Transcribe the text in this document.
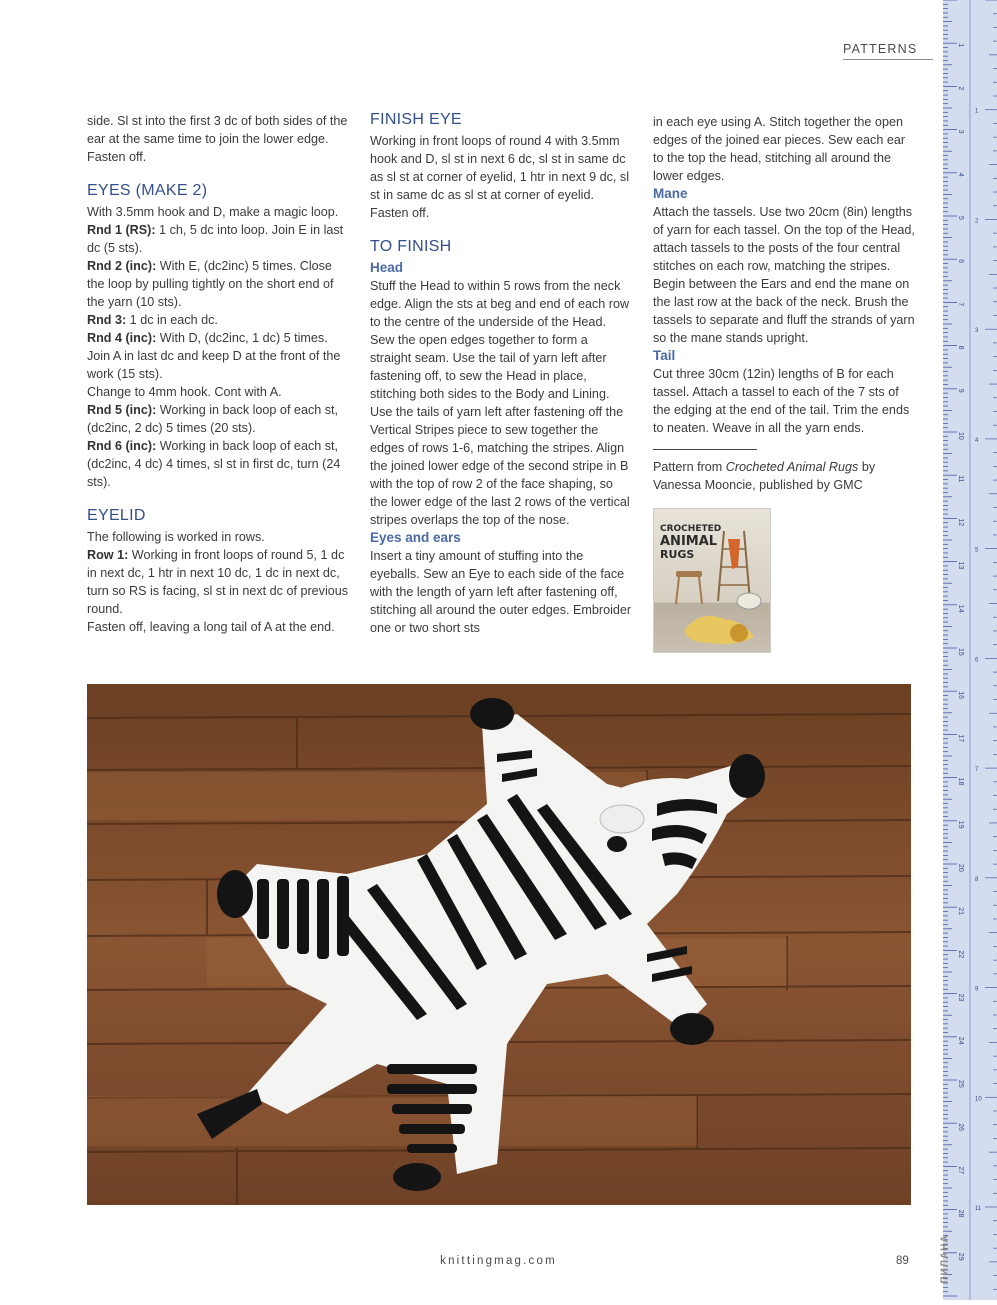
PATTERNS

side. Sl st into the first 3 dc of both sides of the ear at the same time to join the lower edge.

Fasten off.

EYES (MAKE 2)

With 3.5mm hook and D, make a magic loop.

Rnd 1 (RS): 1 ch, 5 dc into loop. Join E in last dc (5 sts).

Rnd 2 (inc): With E, (dc2inc) 5 times. Close the loop by pulling tightly on the short end of the yarn (10 sts).

Rnd 3: 1 dc in each dc.

Rnd 4 (inc): With D, (dc2inc, 1 dc) 5 times. Join A in last dc and keep D at the front of the work (15 sts).

Change to 4mm hook. Cont with A.

Rnd 5 (inc): Working in back loop of each st, (dc2inc, 2 dc) 5 times (20 sts).

Rnd 6 (inc): Working in back loop of each st, (dc2inc, 4 dc) 4 times, sl st in first dc, turn (24 sts).

EYELID

The following is worked in rows.

Row 1: Working in front loops of round 5, 1 dc in next dc, 1 htr in next 10 dc, 1 dc in next dc, turn so RS is facing, sl st in next dc of previous round.

Fasten off, leaving a long tail of A at the end.

FINISH EYE

Working in front loops of round 4 with 3.5mm hook and D, sl st in next 6 dc, sl st in same dc as sl st at corner of eyelid, 1 htr in next 9 dc, sl st in same dc as sl st at corner of eyelid.

Fasten off.

TO FINISH
Head

Stuff the Head to within 5 rows from the neck edge. Align the sts at beg and end of each row to the centre of the underside of the Head. Sew the open edges together to form a straight seam. Use the tail of yarn left after fastening off, to sew the Head in place, stitching both sides to the Body and Lining. Use the tails of yarn left after fastening off the Vertical Stripes piece to sew together the edges of rows 1-6, matching the stripes. Align the joined lower edge of the second stripe in B with the top of row 2 of the face shaping, so the lower edge of the last 2 rows of the vertical stripes overlaps the top of the nose.

Eyes and ears

Insert a tiny amount of stuffing into the eyeballs. Sew an Eye to each side of the face with the length of yarn left after fastening off, stitching all around the outer edges. Embroider one or two short sts

in each eye using A. Stitch together the open edges of the joined ear pieces. Sew each ear to the top the head, stitching all around the lower edges.

Mane

Attach the tassels. Use two 20cm (8in) lengths of yarn for each tassel. On the top of the Head, attach tassels to the posts of the four central stitches on each row, matching the stripes. Begin between the Ears and end the mane on the last row at the back of the neck. Brush the tassels to separate and fluff the strands of yarn so the mane stands upright.

Tail

Cut three 30cm (12in) lengths of B for each tassel. Attach a tassel to each of the 7 sts of the edging at the end of the tail. Trim the ends to neaten. Weave in all the yarn ends.

Pattern from Crocheted Animal Rugs by Vanessa Mooncie, published by GMC

CROCHETED
ANIMAL
RUGS
1
2
3
4
5
6
7
8
9
10
11
12
13
14
15
16
17
18
19
20
21
22
23
24
25
26
27
28
29
1
2
3
4
5
6
7
8
9
10
11
ПИЛАНА
knittingmag.com	89
